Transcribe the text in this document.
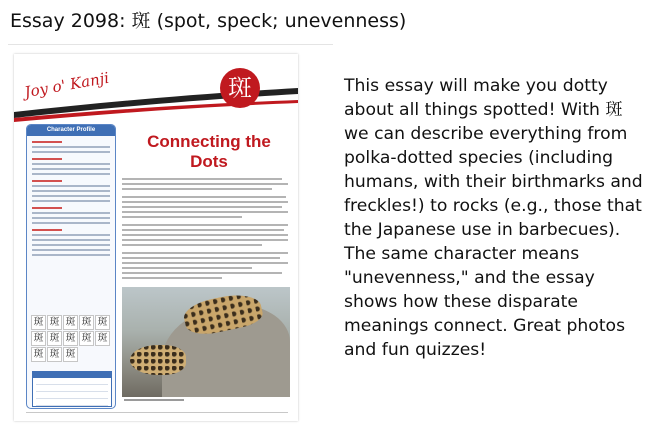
Essay 2098: 斑 (spot, speck; unevenness)
Joy o' Kanji	斑
Character Profile
斑 斑 斑 斑 斑
斑 斑 斑 斑 斑
斑 斑 斑
Connecting the Dots
This essay will make you dotty about all things spotted! With 斑 we can describe everything from polka-dotted species (including humans, with their birthmarks and freckles!) to rocks (e.g., those that the Japanese use in barbecues). The same character means "unevenness," and the essay shows how these disparate meanings connect. Great photos and fun quizzes!
